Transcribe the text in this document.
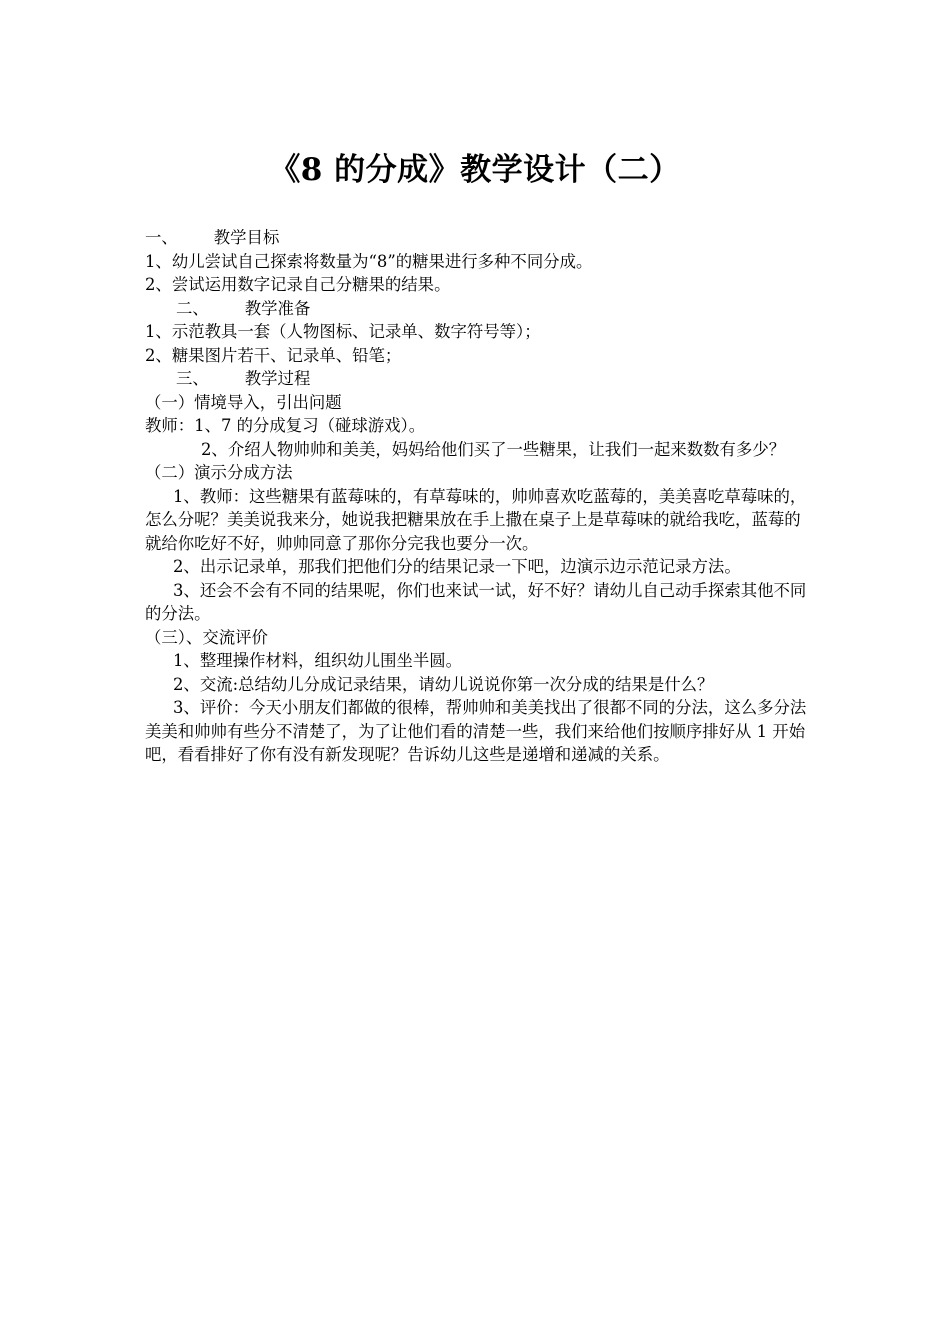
《8 的分成》教学设计（二）

一、 教学目标

1、幼儿尝试自己探索将数量为“8”的糖果进行多种不同分成。

2、尝试运用数字记录自己分糖果的结果。

二、 教学准备

1、示范教具一套（人物图标、记录单、数字符号等）；

2、糖果图片若干、记录单、铅笔；

三、 教学过程

（一）情境导入，引出问题

教师：1、7 的分成复习（碰球游戏）。

2、介绍人物帅帅和美美，妈妈给他们买了一些糖果，让我们一起来数数有多少？

（二）演示分成方法

1、教师：这些糖果有蓝莓味的，有草莓味的，帅帅喜欢吃蓝莓的，美美喜吃草莓味的，怎么分呢？美美说我来分，她说我把糖果放在手上撒在桌子上是草莓味的就给我吃，蓝莓的就给你吃好不好，帅帅同意了那你分完我也要分一次。

2、出示记录单，那我们把他们分的结果记录一下吧，边演示边示范记录方法。

3、还会不会有不同的结果呢，你们也来试一试，好不好？请幼儿自己动手探索其他不同的分法。

（三）、交流评价

1、整理操作材料，组织幼儿围坐半圆。

2、交流:总结幼儿分成记录结果，请幼儿说说你第一次分成的结果是什么？

3、评价：今天小朋友们都做的很棒，帮帅帅和美美找出了很都不同的分法，这么多分法美美和帅帅有些分不清楚了，为了让他们看的清楚一些，我们来给他们按顺序排好从 1 开始吧，看看排好了你有没有新发现呢？告诉幼儿这些是递增和递减的关系。
